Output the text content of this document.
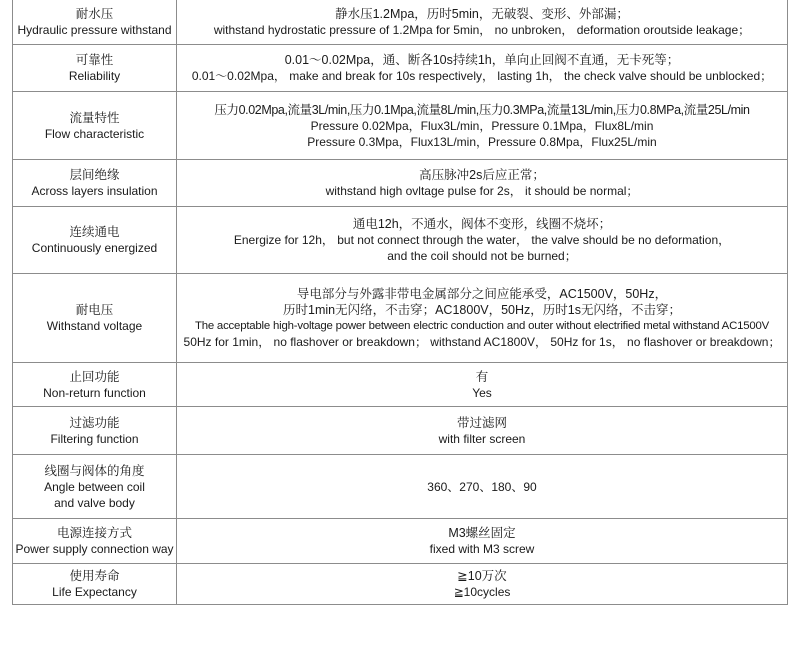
耐水压
Hydraulic pressure withstand	静水压1.2Mpa，历时5min，无破裂、变形、外部漏；
withstand hydrostatic pressure of 1.2Mpa for 5min， no unbroken， deformation oroutside leakage；

可靠性
Reliability	0.01～0.02Mpa，通、断各10s持续1h，单向止回阀不直通，无卡死等；
0.01～0.02Mpa， make and break for 10s respectively， lasting 1h， the check valve should be unblocked；

流量特性
Flow characteristic	压力0.02Mpa,流量3L/min,压力0.1Mpa,流量8L/min,压力0.3MPa,流量13L/min,压力0.8MPa,流量25L/min
Pressure 0.02Mpa，Flux3L/min，Pressure 0.1Mpa，Flux8L/min
Pressure 0.3Mpa，Flux13L/min，Pressure 0.8Mpa，Flux25L/min

层间绝缘
Across layers insulation	高压脉冲2s后应正常；
withstand high ovltage pulse for 2s， it should be normal；

连续通电
Continuously energized	通电12h，不通水，阀体不变形，线圈不烧坏；
Energize for 12h， but not connect through the water， the valve should be no deformation，
and the coil should not be burned；

耐电压
Withstand voltage	导电部分与外露非带电金属部分之间应能承受，AC1500V，50Hz，
历时1min无闪络，不击穿；AC1800V，50Hz，历时1s无闪络，不击穿；
The acceptable high-voltage power between electric conduction and outer without electrified metal withstand AC1500V
50Hz for 1min， no flashover or breakdown； withstand AC1800V， 50Hz for 1s， no flashover or breakdown；

止回功能
Non-return function	有
Yes

过滤功能
Filtering function	带过滤网
with filter screen

线圈与阀体的角度
Angle between coil
and valve body	360、270、180、90

电源连接方式
Power supply connection way	M3螺丝固定
fixed with M3 screw

使用寿命
Life Expectancy	≧10万次
≧10cycles
